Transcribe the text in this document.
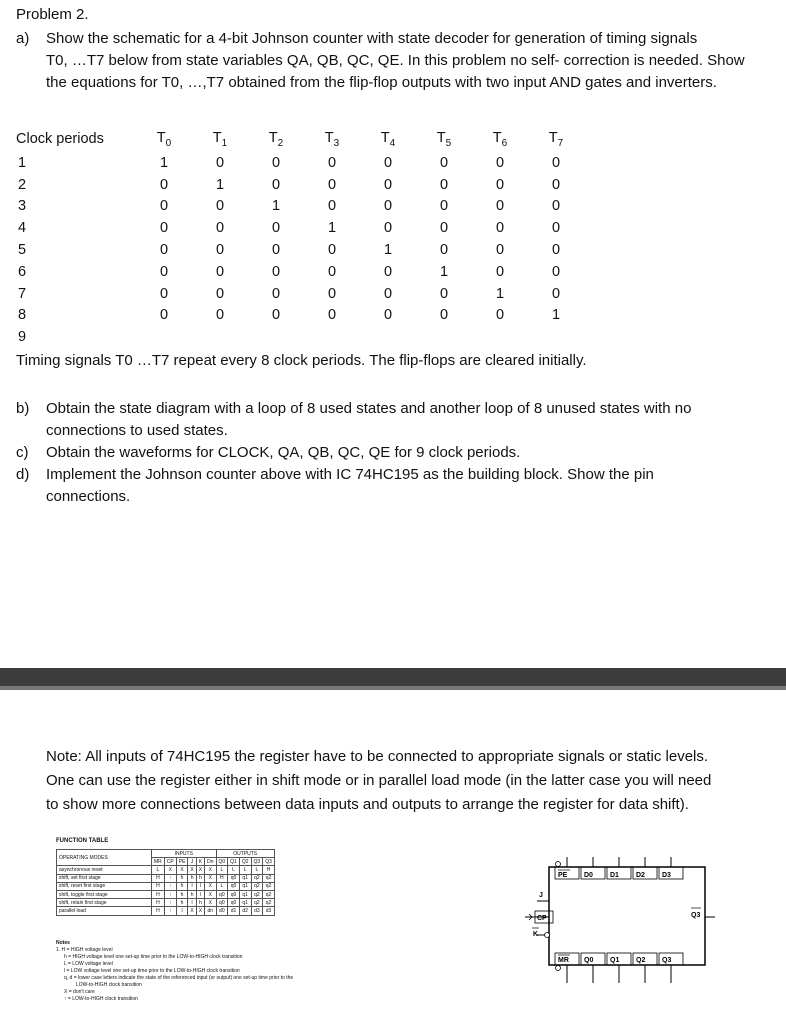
Problem 2.
a) Show the schematic for a 4-bit Johnson counter with state decoder for generation of timing signals
T0, …T7 below from state variables QA, QB, QC, QE. In this problem no self- correction is needed. Show
the equations for T0, …,T7 obtained from the flip-flop outputs with two input AND gates and inverters.
Clock periods	$T_0$	$T_1$	$T_2$	$T_3$	$T_4$	$T_5$	$T_6$	$T_7$
1	1	0	0	0	0	0	0	0
2	0	1	0	0	0	0	0	0
3	0	0	1	0	0	0	0	0
4	0	0	0	1	0	0	0	0
5	0	0	0	0	1	0	0	0
6	0	0	0	0	0	1	0	0
7	0	0	0	0	0	0	1	0
8	0	0	0	0	0	0	0	1
9								
Timing signals T0 …T7 repeat every 8 clock periods. The flip-flops are cleared initially.
b) Obtain the state diagram with a loop of 8 used states and another loop of 8 unused states with no
connections to used states.
c) Obtain the waveforms for CLOCK, QA, QB, QC, QE for 9 clock periods.
d) Implement the Johnson counter above with IC 74HC195 as the building block. Show the pin
connections.
Note: All inputs of 74HC195 the register have to be connected to appropriate signals or static levels.
One can use the register either in shift mode or in parallel load mode (in the latter case you will need
to show more connections between data inputs and outputs to arrange the register for data shift).
FUNCTION TABLE
OPERATING MODES	INPUTS						OUTPUTS				
	MR	CP	PE	J	K	Dn	Q0	Q1	Q2	Q3	Q3
asynchronous reset	L	X	X	X	X	X	L	L	L	L	H
shift, set first stage	H	↑	h	h	h	X	H	q0	q1	q2	q2
shift, reset first stage	H	↑	h	l	l	X	L	q0	q1	q2	q2
shift, toggle first stage	H	↑	h	h	l	X	q0	q0	q1	q2	q2
shift, retain first stage	H	↑	h	l	h	X	q0	q0	q1	q2	q2
parallel load	H	↑	l	X	X	dn	d0	d1	d2	d3	d3
Notes
1. H = HIGH voltage level
h = HIGH voltage level one set-up time prior to the LOW-to-HIGH clock transition
L = LOW voltage level
l = LOW voltage level one set-up time prior to the LOW-to-HIGH clock transition
q, d = lower case letters indicate the state of the referenced input (or output) one set-up time prior to the
LOW-to-HIGH clock transition
X = don't care
↑ = LOW-to-HIGH clock transition
PE D0 D1 D2 D3
J
CP
K
Q3
MR Q0 Q1 Q2 Q3
